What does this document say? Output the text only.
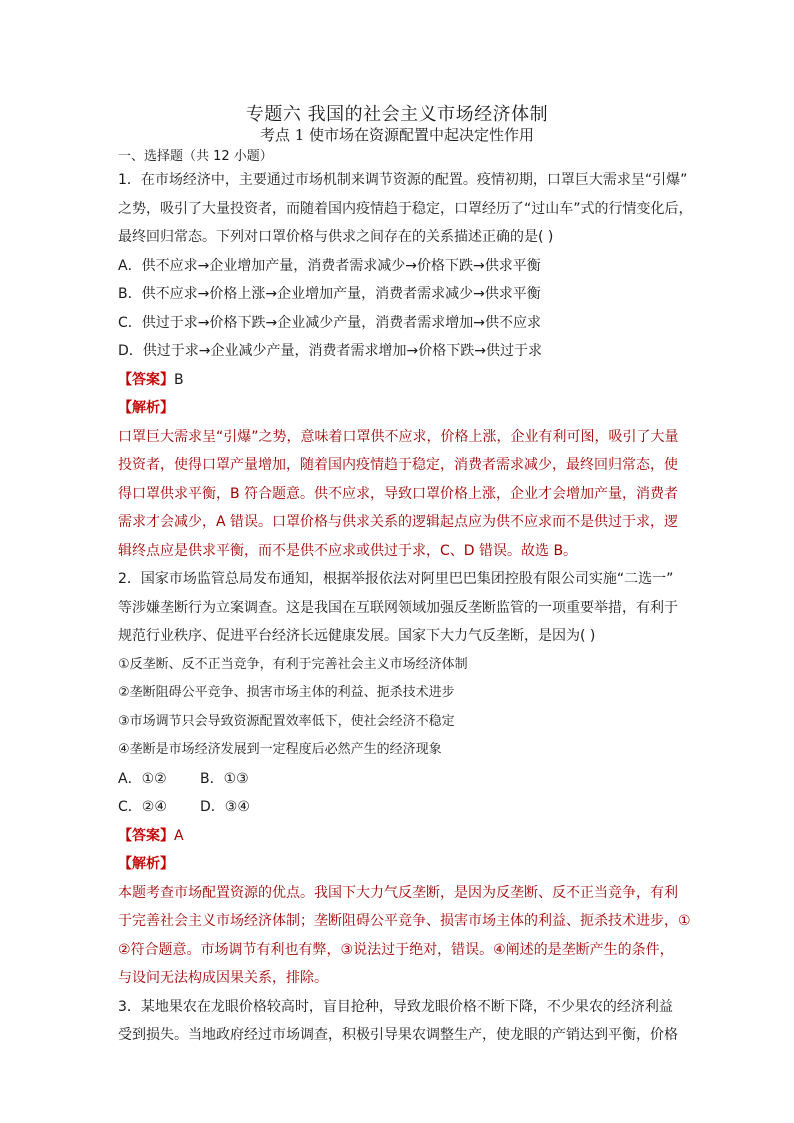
专题六 我国的社会主义市场经济体制
考点 1 使市场在资源配置中起决定性作用
一、选择题（共 12 小题）

1．在市场经济中，主要通过市场机制来调节资源的配置。疫情初期，口罩巨大需求呈“引爆”

之势，吸引了大量投资者，而随着国内疫情趋于稳定，口罩经历了“过山车”式的行情变化后，

最终回归常态。下列对口罩价格与供求之间存在的关系描述正确的是( )

A．供不应求→企业增加产量，消费者需求减少→价格下跌→供求平衡

B．供不应求→价格上涨→企业增加产量，消费者需求减少→供求平衡

C．供过于求→价格下跌→企业减少产量，消费者需求增加→供不应求

D．供过于求→企业减少产量，消费者需求增加→价格下跌→供过于求

【答案】B

【解析】

口罩巨大需求呈“引爆”之势，意味着口罩供不应求，价格上涨，企业有利可图，吸引了大量

投资者，使得口罩产量增加，随着国内疫情趋于稳定，消费者需求减少，最终回归常态，使

得口罩供求平衡，B 符合题意。供不应求，导致口罩价格上涨，企业才会增加产量，消费者

需求才会减少，A 错误。口罩价格与供求关系的逻辑起点应为供不应求而不是供过于求，逻

辑终点应是供求平衡，而不是供不应求或供过于求，C、D 错误。故选 B。

2．国家市场监管总局发布通知，根据举报依法对阿里巴巴集团控股有限公司实施“二选一”

等涉嫌垄断行为立案调查。这是我国在互联网领域加强反垄断监管的一项重要举措，有利于

规范行业秩序、促进平台经济长远健康发展。国家下大力气反垄断，是因为( )

①反垄断、反不正当竞争，有利于完善社会主义市场经济体制

②垄断阻碍公平竞争、损害市场主体的利益、扼杀技术进步

③市场调节只会导致资源配置效率低下，使社会经济不稳定

④垄断是市场经济发展到一定程度后必然产生的经济现象

A．①② B．①③

C．②④ D．③④

【答案】A

【解析】

本题考查市场配置资源的优点。我国下大力气反垄断，是因为反垄断、反不正当竞争，有利

于完善社会主义市场经济体制；垄断阻碍公平竞争、损害市场主体的利益、扼杀技术进步，①

②符合题意。市场调节有利也有弊，③说法过于绝对，错误。④阐述的是垄断产生的条件，

与设问无法构成因果关系，排除。

3．某地果农在龙眼价格较高时，盲目抢种，导致龙眼价格不断下降，不少果农的经济利益

受到损失。当地政府经过市场调查，积极引导果农调整生产，使龙眼的产销达到平衡，价格
